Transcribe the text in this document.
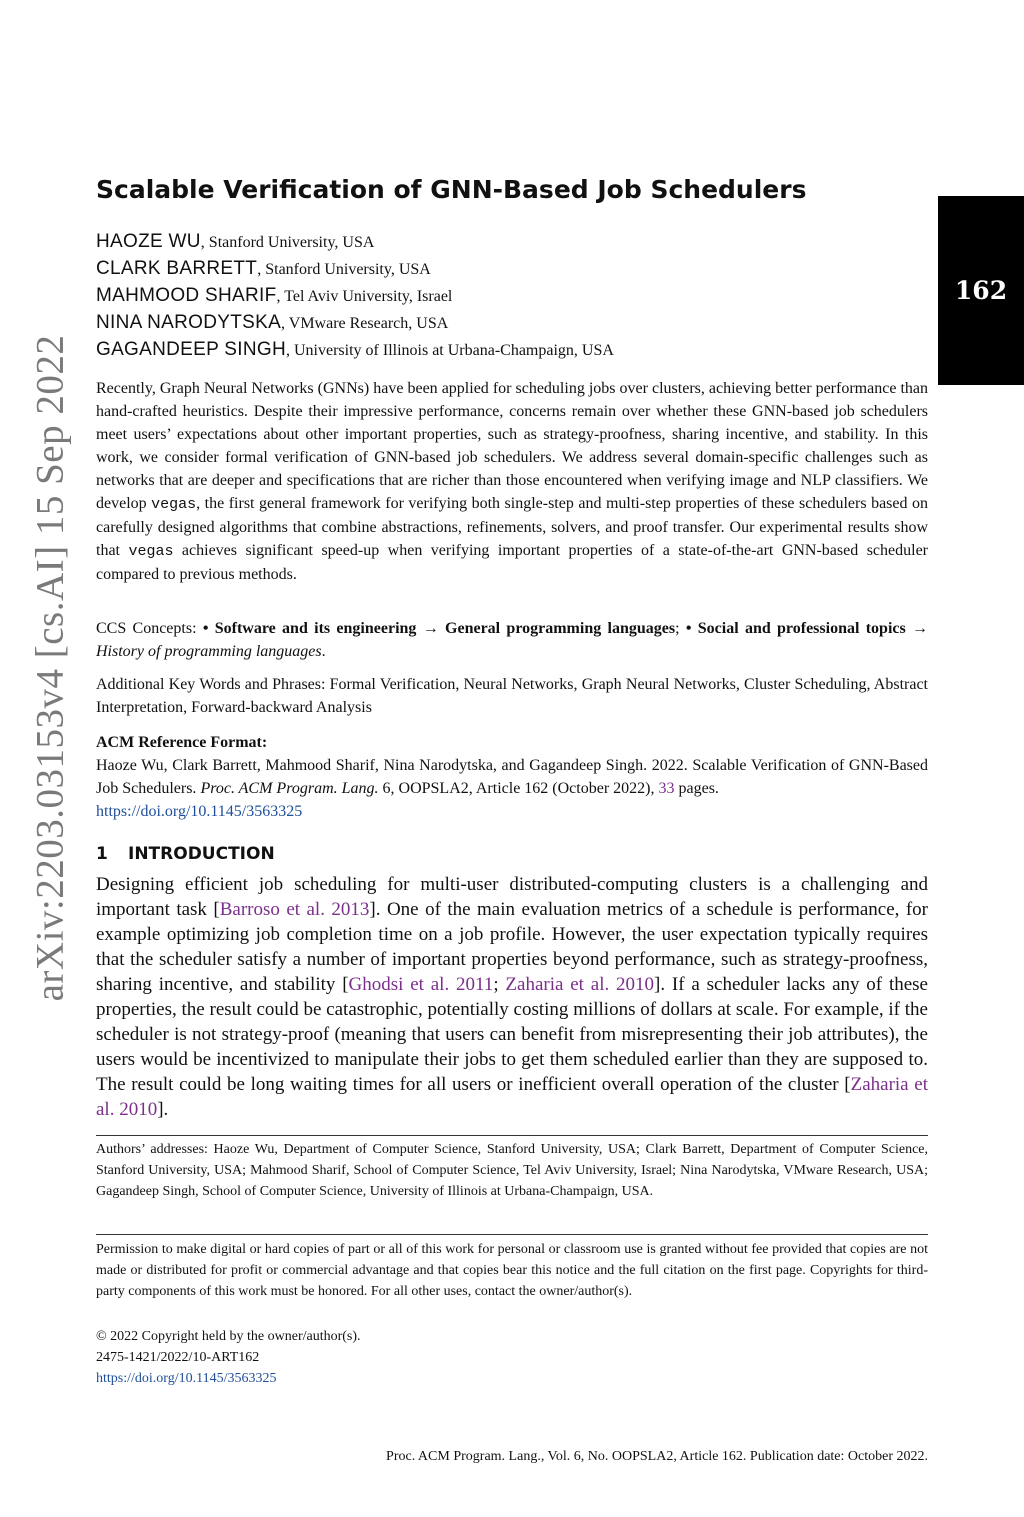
arXiv:2203.03153v4 [cs.AI] 15 Sep 2022
162
Scalable Verification of GNN-Based Job Schedulers
HAOZE WU, Stanford University, USA
CLARK BARRETT, Stanford University, USA
MAHMOOD SHARIF, Tel Aviv University, Israel
NINA NARODYTSKA, VMware Research, USA
GAGANDEEP SINGH, University of Illinois at Urbana-Champaign, USA

Recently, Graph Neural Networks (GNNs) have been applied for scheduling jobs over clusters, achieving better performance than hand-crafted heuristics. Despite their impressive performance, concerns remain over whether these GNN-based job schedulers meet users’ expectations about other important properties, such as strategy-proofness, sharing incentive, and stability. In this work, we consider formal verification of GNN-based job schedulers. We address several domain-specific challenges such as networks that are deeper and specifications that are richer than those encountered when verifying image and NLP classifiers. We develop vegas, the first general framework for verifying both single-step and multi-step properties of these schedulers based on carefully designed algorithms that combine abstractions, refinements, solvers, and proof transfer. Our experimental results show that vegas achieves significant speed-up when verifying important properties of a state-of-the-art GNN-based scheduler compared to previous methods.

CCS Concepts: • Software and its engineering → General programming languages; • Social and professional topics → History of programming languages.

Additional Key Words and Phrases: Formal Verification, Neural Networks, Graph Neural Networks, Cluster Scheduling, Abstract Interpretation, Forward-backward Analysis

ACM Reference Format:
Haoze Wu, Clark Barrett, Mahmood Sharif, Nina Narodytska, and Gagandeep Singh. 2022. Scalable Verification of GNN-Based Job Schedulers. Proc. ACM Program. Lang. 6, OOPSLA2, Article 162 (October 2022), 33 pages.
https://doi.org/10.1145/3563325

1 INTRODUCTION

Designing efficient job scheduling for multi-user distributed-computing clusters is a challenging and important task [Barroso et al. 2013]. One of the main evaluation metrics of a schedule is performance, for example optimizing job completion time on a job profile. However, the user expectation typically requires that the scheduler satisfy a number of important properties beyond performance, such as strategy-proofness, sharing incentive, and stability [Ghodsi et al. 2011; Zaharia et al. 2010]. If a scheduler lacks any of these properties, the result could be catastrophic, potentially costing millions of dollars at scale. For example, if the scheduler is not strategy-proof (meaning that users can benefit from misrepresenting their job attributes), the users would be incentivized to manipulate their jobs to get them scheduled earlier than they are supposed to. The result could be long waiting times for all users or inefficient overall operation of the cluster [Zaharia et al. 2010].

Authors’ addresses: Haoze Wu, Department of Computer Science, Stanford University, USA; Clark Barrett, Department of Computer Science, Stanford University, USA; Mahmood Sharif, School of Computer Science, Tel Aviv University, Israel; Nina Narodytska, VMware Research, USA; Gagandeep Singh, School of Computer Science, University of Illinois at Urbana-Champaign, USA.

Permission to make digital or hard copies of part or all of this work for personal or classroom use is granted without fee provided that copies are not made or distributed for profit or commercial advantage and that copies bear this notice and the full citation on the first page. Copyrights for third-party components of this work must be honored. For all other uses, contact the owner/author(s).

© 2022 Copyright held by the owner/author(s).

2475-1421/2022/10-ART162

https://doi.org/10.1145/3563325

Proc. ACM Program. Lang., Vol. 6, No. OOPSLA2, Article 162. Publication date: October 2022.
